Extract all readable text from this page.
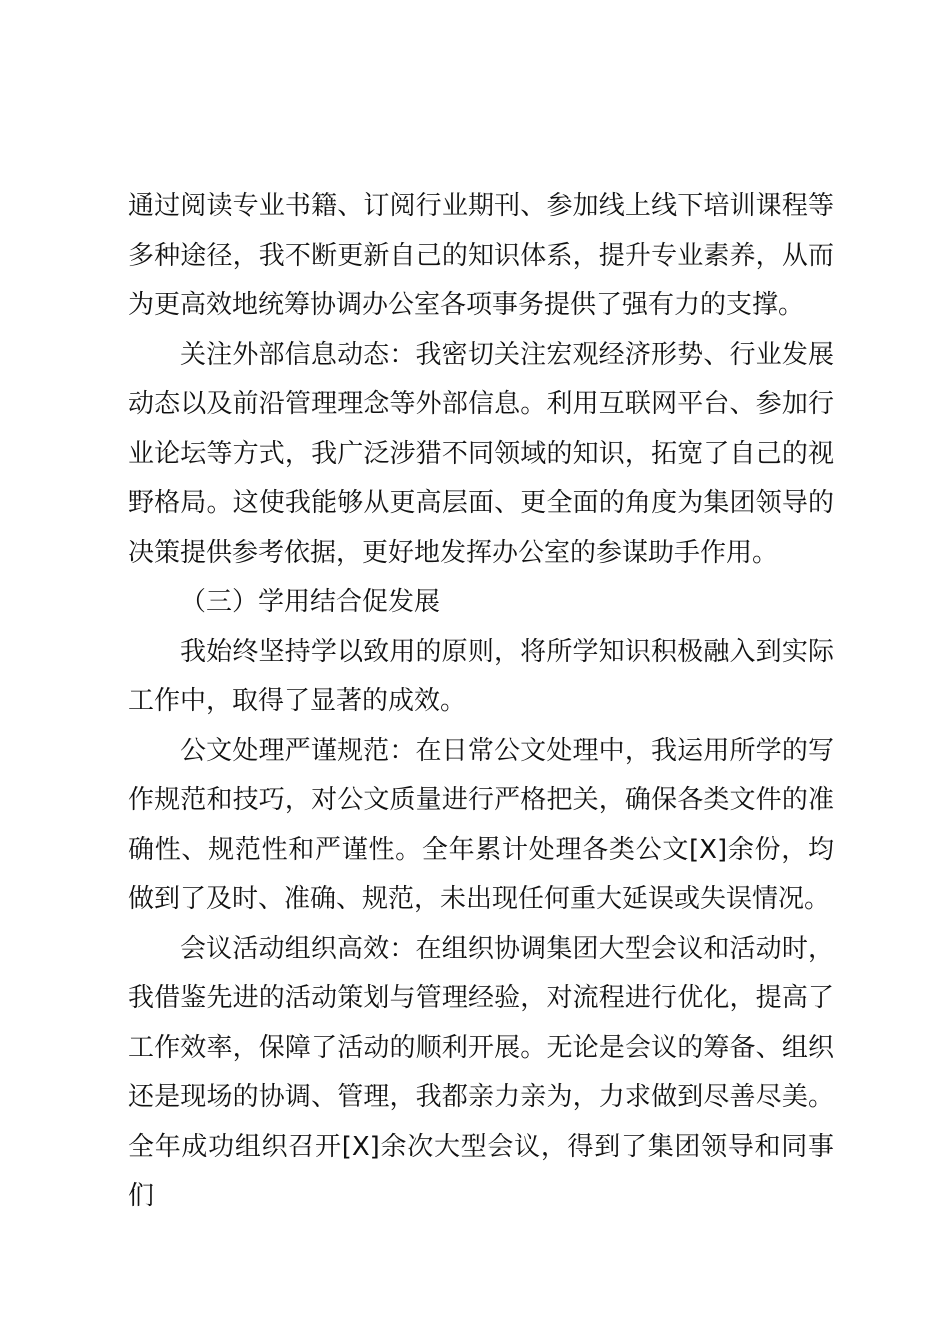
通过阅读专业书籍、订阅行业期刊、参加线上线下培训课程等多种途径，我不断更新自己的知识体系，提升专业素养，从而为更高效地统筹协调办公室各项事务提供了强有力的支撑。

关注外部信息动态：我密切关注宏观经济形势、行业发展动态以及前沿管理理念等外部信息。利用互联网平台、参加行业论坛等方式，我广泛涉猎不同领域的知识，拓宽了自己的视野格局。这使我能够从更高层面、更全面的角度为集团领导的决策提供参考依据，更好地发挥办公室的参谋助手作用。

（三）学用结合促发展

我始终坚持学以致用的原则，将所学知识积极融入到实际工作中，取得了显著的成效。

公文处理严谨规范：在日常公文处理中，我运用所学的写作规范和技巧，对公文质量进行严格把关，确保各类文件的准确性、规范性和严谨性。全年累计处理各类公文[X]余份，均做到了及时、准确、规范，未出现任何重大延误或失误情况。

会议活动组织高效：在组织协调集团大型会议和活动时，我借鉴先进的活动策划与管理经验，对流程进行优化，提高了工作效率，保障了活动的顺利开展。无论是会议的筹备、组织还是现场的协调、管理，我都亲力亲为，力求做到尽善尽美。全年成功组织召开[X]余次大型会议，得到了集团领导和同事们
